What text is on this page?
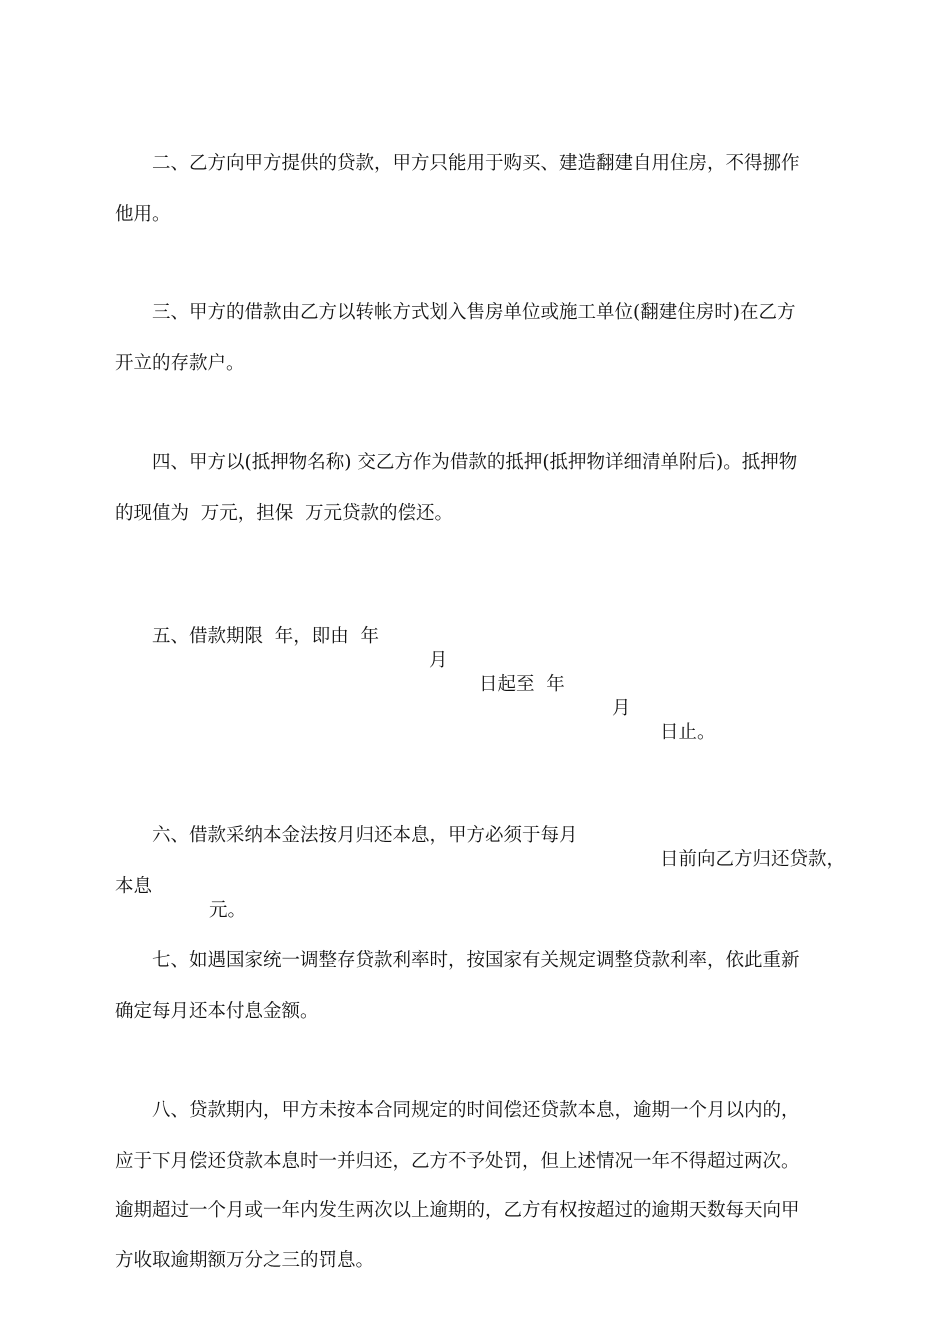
二、乙方向甲方提供的贷款，甲方只能用于购买、建造翻建自用住房，不得挪作
他用。
三、甲方的借款由乙方以转帐方式划入售房单位或施工单位(翻建住房时)在乙方
开立的存款户。
四、甲方以(抵押物名称) 交乙方作为借款的抵押(抵押物详细清单附后)。抵押物
的现值为  万元，担保  万元贷款的偿还。

五、借款期限  年，即由  年

月

日起至  年

月

日止。

六、借款采纳本金法按月归还本息，甲方必须于每月

日前向乙方归还贷款，

本息

元。

七、如遇国家统一调整存贷款利率时，按国家有关规定调整贷款利率，依此重新
确定每月还本付息金额。
八、贷款期内，甲方未按本合同规定的时间偿还贷款本息，逾期一个月以内的，
应于下月偿还贷款本息时一并归还，乙方不予处罚，但上述情况一年不得超过两次。
逾期超过一个月或一年内发生两次以上逾期的，乙方有权按超过的逾期天数每天向甲
方收取逾期额万分之三的罚息。
